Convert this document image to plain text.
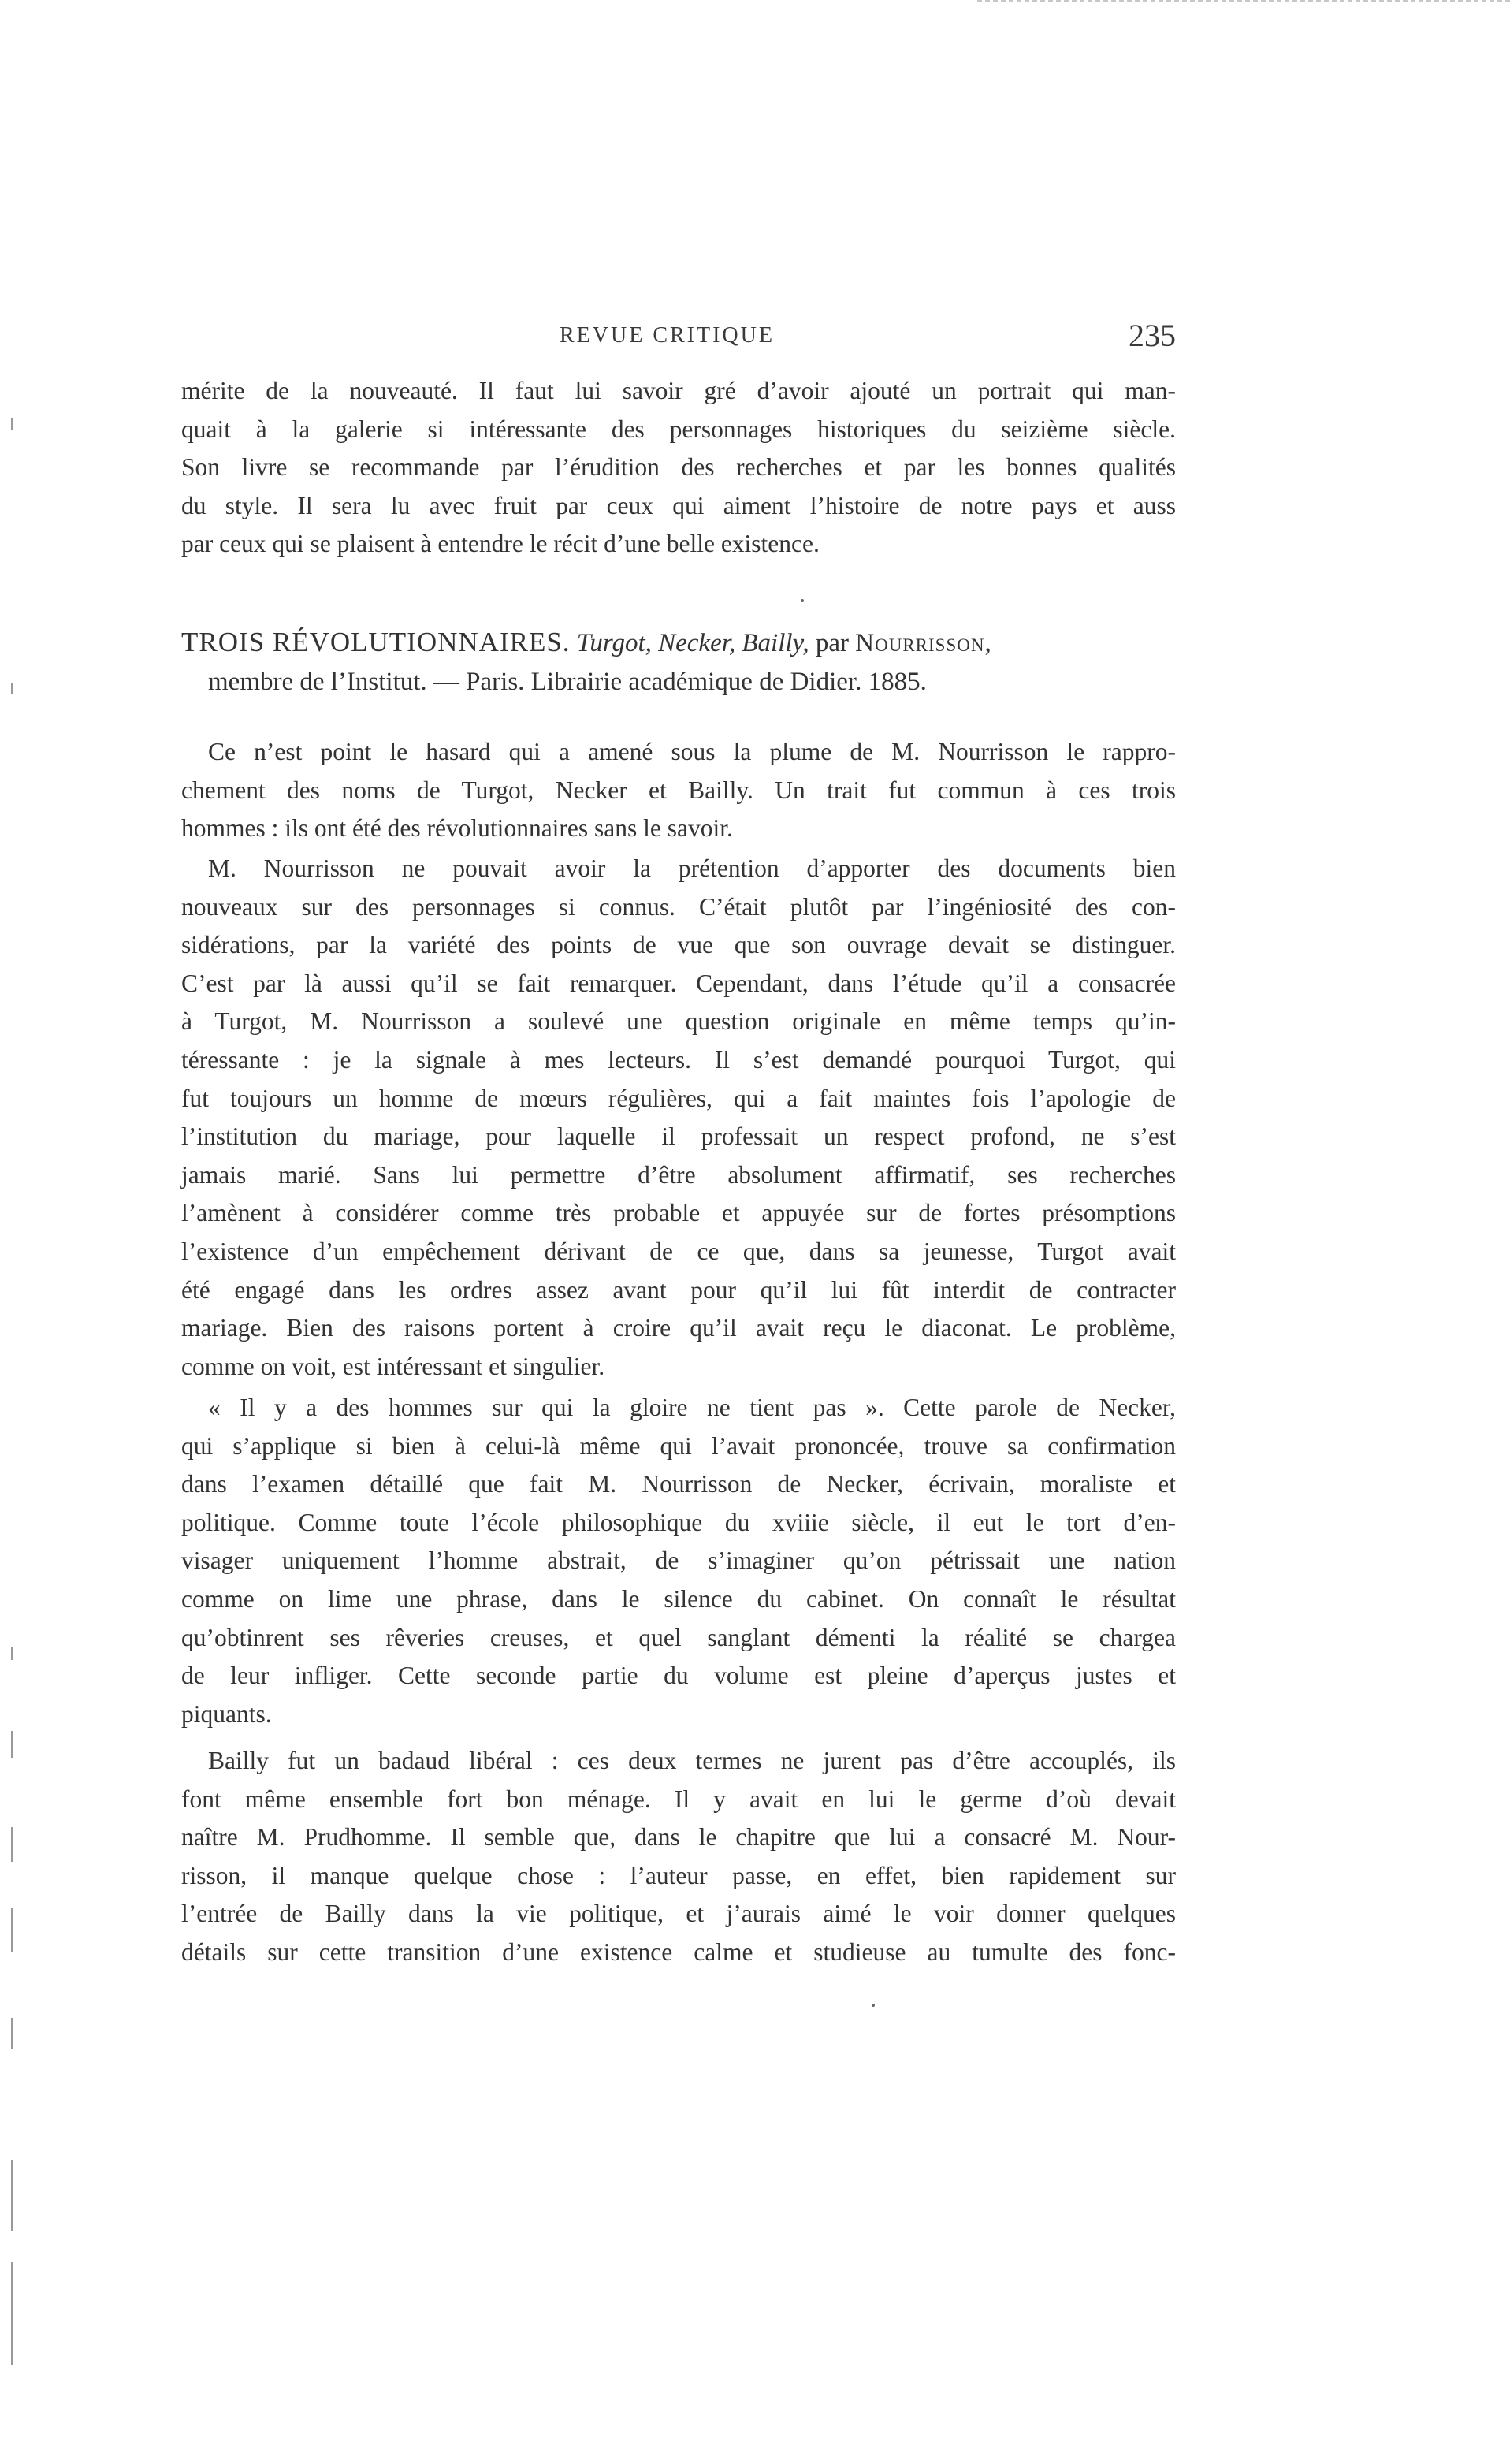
REVUE CRITIQUE	235
mérite de la nouveauté. Il faut lui savoir gré d’avoir ajouté un portrait qui man-
quait à la galerie si intéressante des personnages historiques du seizième siècle.
Son livre se recommande par l’érudition des recherches et par les bonnes qualités
du style. Il sera lu avec fruit par ceux qui aiment l’histoire de notre pays et auss
par ceux qui se plaisent à entendre le récit d’une belle existence.
TROIS RÉVOLUTIONNAIRES. Turgot, Necker, Bailly, par Nourrisson,
membre de l’Institut. — Paris. Librairie académique de Didier. 1885.
Ce n’est point le hasard qui a amené sous la plume de M. Nourrisson le rappro-
chement des noms de Turgot, Necker et Bailly. Un trait fut commun à ces trois
hommes : ils ont été des révolutionnaires sans le savoir.
M. Nourrisson ne pouvait avoir la prétention d’apporter des documents bien
nouveaux sur des personnages si connus. C’était plutôt par l’ingéniosité des con-
sidérations, par la variété des points de vue que son ouvrage devait se distinguer.
C’est par là aussi qu’il se fait remarquer. Cependant, dans l’étude qu’il a consacrée
à Turgot, M. Nourrisson a soulevé une question originale en même temps qu’in-
téressante : je la signale à mes lecteurs. Il s’est demandé pourquoi Turgot, qui
fut toujours un homme de mœurs régulières, qui a fait maintes fois l’apologie de
l’institution du mariage, pour laquelle il professait un respect profond, ne s’est
jamais marié. Sans lui permettre d’être absolument affirmatif, ses recherches
l’amènent à considérer comme très probable et appuyée sur de fortes présomptions
l’existence d’un empêchement dérivant de ce que, dans sa jeunesse, Turgot avait
été engagé dans les ordres assez avant pour qu’il lui fût interdit de contracter
mariage. Bien des raisons portent à croire qu’il avait reçu le diaconat. Le problème,
comme on voit, est intéressant et singulier.
« Il y a des hommes sur qui la gloire ne tient pas ». Cette parole de Necker,
qui s’applique si bien à celui-là même qui l’avait prononcée, trouve sa confirmation
dans l’examen détaillé que fait M. Nourrisson de Necker, écrivain, moraliste et
politique. Comme toute l’école philosophique du xviiie siècle, il eut le tort d’en-
visager uniquement l’homme abstrait, de s’imaginer qu’on pétrissait une nation
comme on lime une phrase, dans le silence du cabinet. On connaît le résultat
qu’obtinrent ses rêveries creuses, et quel sanglant démenti la réalité se chargea
de leur infliger. Cette seconde partie du volume est pleine d’aperçus justes et
piquants.
Bailly fut un badaud libéral : ces deux termes ne jurent pas d’être accouplés, ils
font même ensemble fort bon ménage. Il y avait en lui le germe d’où devait
naître M. Prudhomme. Il semble que, dans le chapitre que lui a consacré M. Nour-
risson, il manque quelque chose : l’auteur passe, en effet, bien rapidement sur
l’entrée de Bailly dans la vie politique, et j’aurais aimé le voir donner quelques
détails sur cette transition d’une existence calme et studieuse au tumulte des fonc-
